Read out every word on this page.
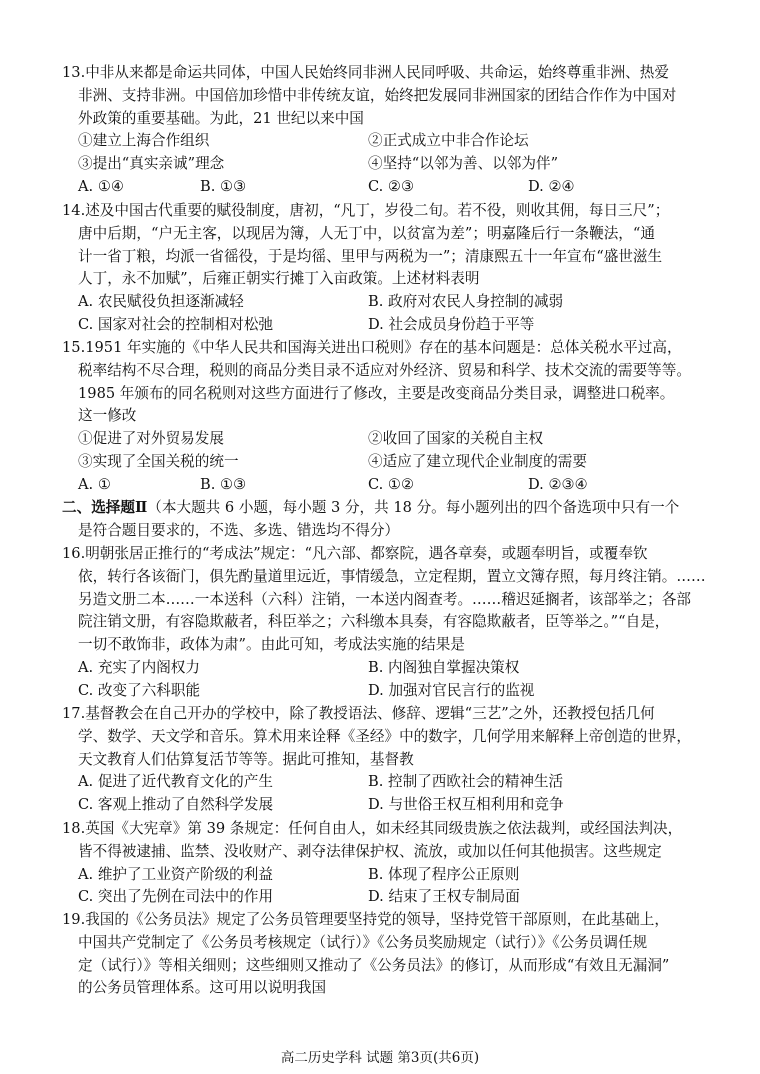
13.中非从来都是命运共同体，中国人民始终同非洲人民同呼吸、共命运，始终尊重非洲、热爱
非洲、支持非洲。中国倍加珍惜中非传统友谊，始终把发展同非洲国家的团结合作作为中国对
外政策的重要基础。为此，21 世纪以来中国
①建立上海合作组织	②正式成立中非合作论坛
③提出“真实亲诚”理念	④坚持“以邻为善、以邻为伴”
A. ①④	B. ①③	C. ②③	D. ②④
14.述及中国古代重要的赋役制度，唐初，“凡丁，岁役二旬。若不役，则收其佣，每日三尺”；
唐中后期，“户无主客，以现居为簿，人无丁中，以贫富为差”；明嘉隆后行一条鞭法，“通
计一省丁粮，均派一省徭役，于是均徭、里甲与两税为一”；清康熙五十一年宣布“盛世滋生
人丁，永不加赋”，后雍正朝实行摊丁入亩政策。上述材料表明
A. 农民赋役负担逐渐减轻	B. 政府对农民人身控制的减弱
C. 国家对社会的控制相对松弛	D. 社会成员身份趋于平等
15.1951 年实施的《中华人民共和国海关进出口税则》存在的基本问题是：总体关税水平过高，
税率结构不尽合理，税则的商品分类目录不适应对外经济、贸易和科学、技术交流的需要等等。
1985 年颁布的同名税则对这些方面进行了修改，主要是改变商品分类目录，调整进口税率。
这一修改
①促进了对外贸易发展	②收回了国家的关税自主权
③实现了全国关税的统一	④适应了建立现代企业制度的需要
A. ①	B. ①③	C. ①②	D. ②③④
二、选择题Ⅱ（本大题共 6 小题，每小题 3 分，共 18 分。每小题列出的四个备选项中只有一个
是符合题目要求的，不选、多选、错选均不得分）
16.明朝张居正推行的“考成法”规定：“凡六部、都察院，遇各章奏，或题奉明旨，或覆奉钦
依，转行各该衙门，俱先酌量道里远近，事情缓急，立定程期，置立文簿存照，每月终注销。……
另造文册二本……一本送科（六科）注销，一本送内阁查考。……稽迟延搁者，该部举之；各部
院注销文册，有容隐欺蔽者，科臣举之；六科缴本具奏，有容隐欺蔽者，臣等举之。”“自是，
一切不敢饰非，政体为肃”。由此可知，考成法实施的结果是
A. 充实了内阁权力	B. 内阁独自掌握决策权
C. 改变了六科职能	D. 加强对官民言行的监视
17.基督教会在自己开办的学校中，除了教授语法、修辞、逻辑“三艺”之外，还教授包括几何
学、数学、天文学和音乐。算术用来诠释《圣经》中的数字，几何学用来解释上帝创造的世界，
天文教育人们估算复活节等等。据此可推知，基督教
A. 促进了近代教育文化的产生	B. 控制了西欧社会的精神生活
C. 客观上推动了自然科学发展	D. 与世俗王权互相利用和竞争
18.英国《大宪章》第 39 条规定：任何自由人，如未经其同级贵族之依法裁判，或经国法判决，
皆不得被逮捕、监禁、没收财产、剥夺法律保护权、流放，或加以任何其他损害。这些规定
A. 维护了工业资产阶级的利益	B. 体现了程序公正原则
C. 突出了先例在司法中的作用	D. 结束了王权专制局面
19.我国的《公务员法》规定了公务员管理要坚持党的领导，坚持党管干部原则，在此基础上，
中国共产党制定了《公务员考核规定（试行）》《公务员奖励规定（试行）》《公务员调任规
定（试行）》等相关细则；这些细则又推动了《公务员法》的修订，从而形成“有效且无漏洞”
的公务员管理体系。这可用以说明我国
高二历史学科 试题 第3页(共6页)
